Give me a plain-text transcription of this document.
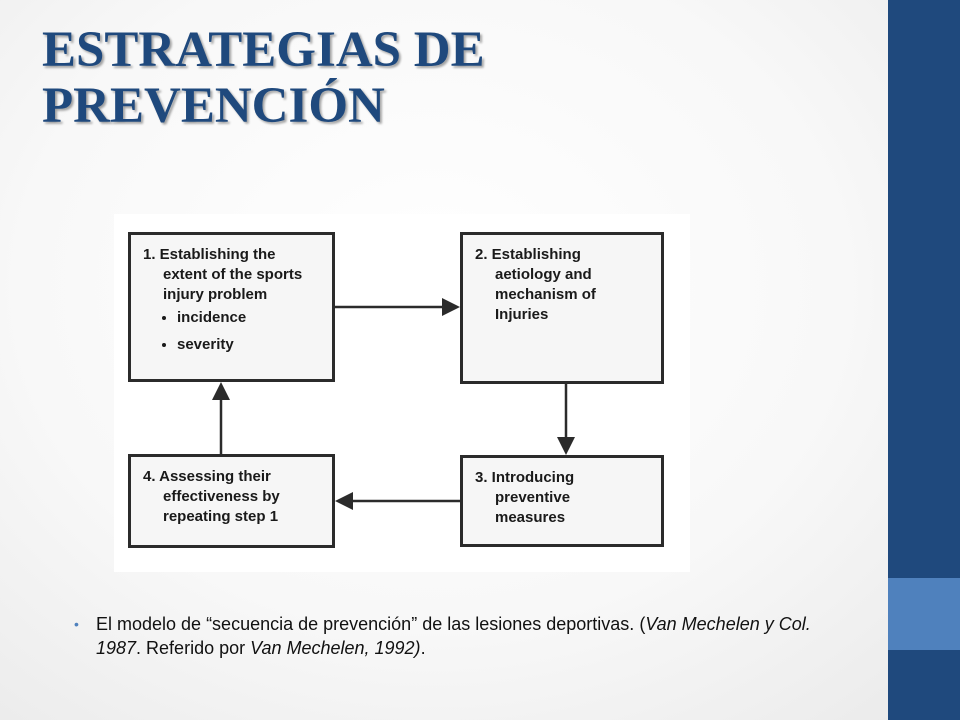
ESTRATEGIAS DE
PREVENCIÓN

1. Establishing the

extent of the sports

injury problem

• incidence
• severity

2. Establishing

aetiology and

mechanism of

Injuries

3. Introducing

preventive

measures

4. Assessing their

effectiveness by

repeating step 1

• El modelo de “secuencia de prevención” de las lesiones deportivas. (Van Mechelen y Col. 1987. Referido por Van Mechelen, 1992).
